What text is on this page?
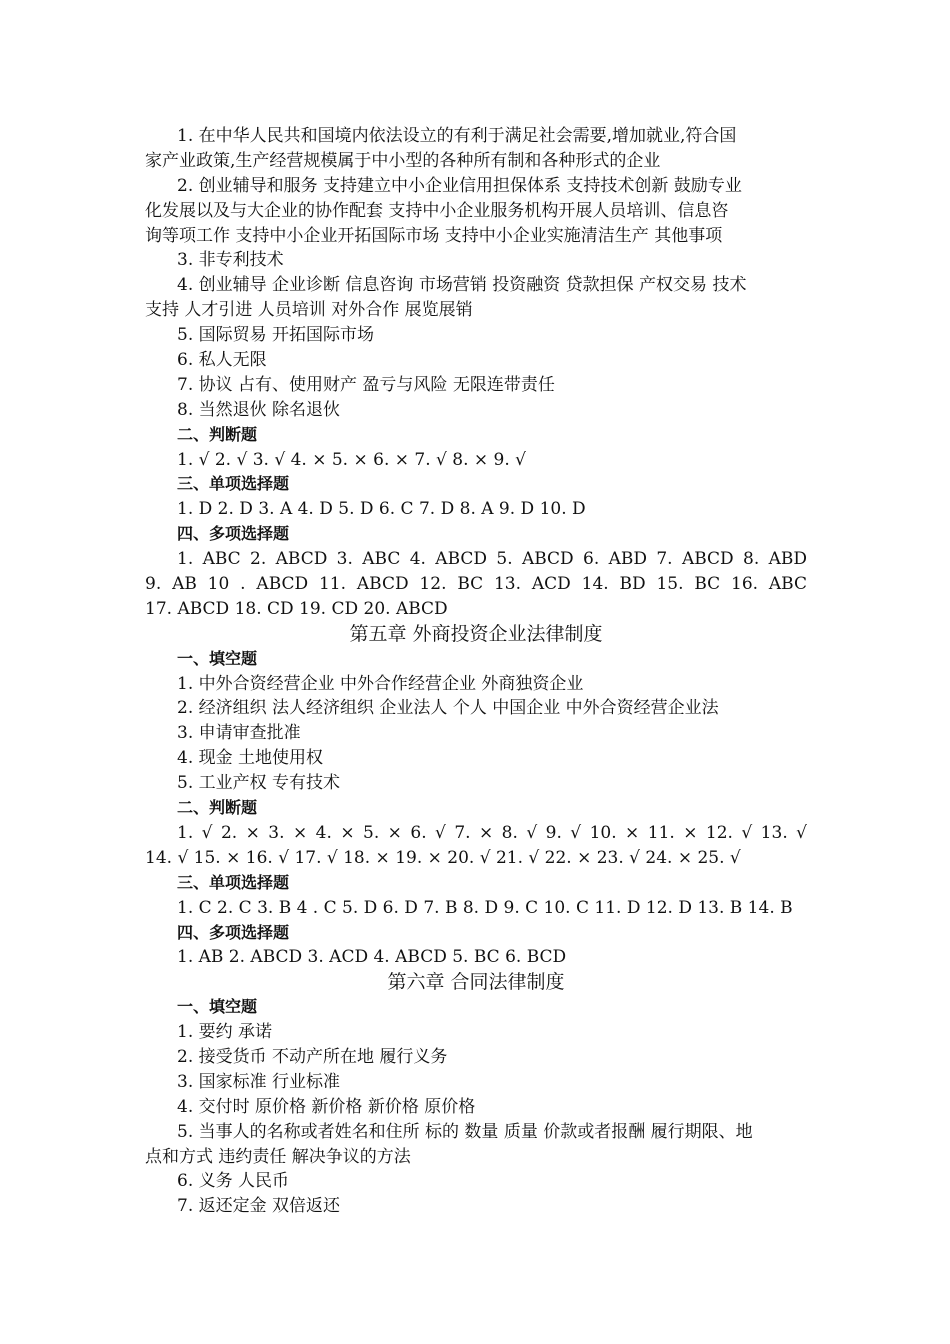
1. 在中华人民共和国境内依法设立的有利于满足社会需要,增加就业,符合国
家产业政策,生产经营规模属于中小型的各种所有制和各种形式的企业
2. 创业辅导和服务 支持建立中小企业信用担保体系 支持技术创新 鼓励专业
化发展以及与大企业的协作配套 支持中小企业服务机构开展人员培训、信息咨
询等项工作 支持中小企业开拓国际市场 支持中小企业实施清洁生产 其他事项
3. 非专利技术
4. 创业辅导 企业诊断 信息咨询 市场营销 投资融资 贷款担保 产权交易 技术
支持 人才引进 人员培训 对外合作 展览展销
5. 国际贸易 开拓国际市场
6. 私人无限
7. 协议 占有、使用财产 盈亏与风险 无限连带责任
8. 当然退伙 除名退伙
二、判断题
1. √ 2. √ 3. √ 4. × 5. × 6. × 7. √ 8. × 9. √
三、单项选择题
1. D 2. D 3. A 4. D 5. D 6. C 7. D 8. A 9. D 10. D
四、多项选择题
1. ABC 2. ABCD 3. ABC 4. ABCD 5. ABCD 6. ABD 7. ABCD 8. ABD
9. AB 10 . ABCD 11. ABCD 12. BC 13. ACD 14. BD 15. BC 16. ABC
17. ABCD 18. CD 19. CD 20. ABCD
第五章 外商投资企业法律制度
一、填空题
1. 中外合资经营企业 中外合作经营企业 外商独资企业
2. 经济组织 法人经济组织 企业法人 个人 中国企业 中外合资经营企业法
3. 申请审查批准
4. 现金 土地使用权
5. 工业产权 专有技术
二、判断题
1. √ 2. × 3. × 4. × 5. × 6. √ 7. × 8. √ 9. √ 10. × 11. × 12. √ 13. √
14. √ 15. × 16. √ 17. √ 18. × 19. × 20. √ 21. √ 22. × 23. √ 24. × 25. √
三、单项选择题
1. C 2. C 3. B 4 . C 5. D 6. D 7. B 8. D 9. C 10. C 11. D 12. D 13. B 14. B
四、多项选择题
1. AB 2. ABCD 3. ACD 4. ABCD 5. BC 6. BCD
第六章 合同法律制度
一、填空题
1. 要约 承诺
2. 接受货币 不动产所在地 履行义务
3. 国家标准 行业标准
4. 交付时 原价格 新价格 新价格 原价格
5. 当事人的名称或者姓名和住所 标的 数量 质量 价款或者报酬 履行期限、地
点和方式 违约责任 解决争议的方法
6. 义务 人民币
7. 返还定金 双倍返还
